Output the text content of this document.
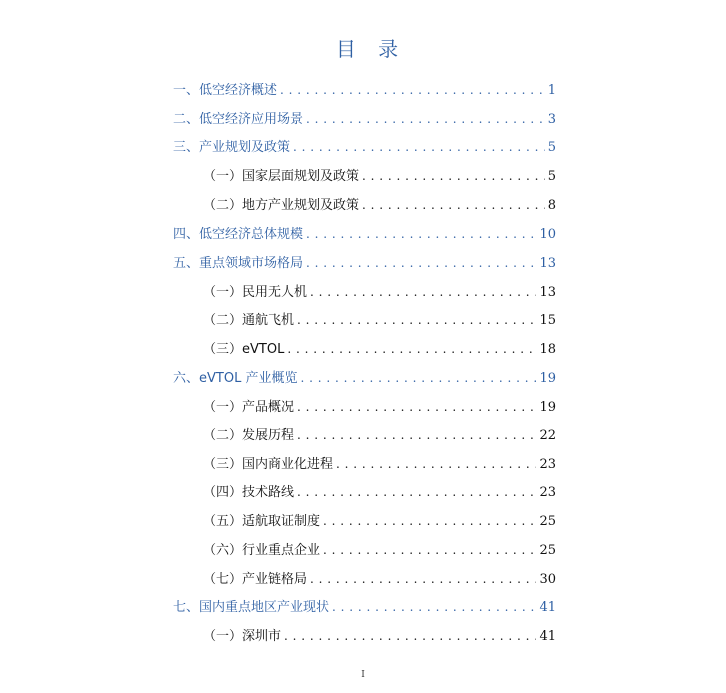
目 录
一、低空经济概述 . . .	1
二、低空经济应用场景 . . .	3
三、产业规划及政策 . . .	5
（一）国家层面规划及政策 . . .	5
（二）地方产业规划及政策 . . .	8
四、低空经济总体规模 . . .	10
五、重点领域市场格局 . . .	13
（一）民用无人机 . . .	13
（二）通航飞机 . . .	15
（三）eVTOL . . .	18
六、eVTOL 产业概览 . . .	19
（一）产品概况 . . .	19
（二）发展历程 . . .	22
（三）国内商业化进程 . . .	23
（四）技术路线 . . .	23
（五）适航取证制度 . . .	25
（六）行业重点企业 . . .	25
（七）产业链格局 . . .	30
七、国内重点地区产业现状 . . .	41
（一）深圳市 . . .	41
I
